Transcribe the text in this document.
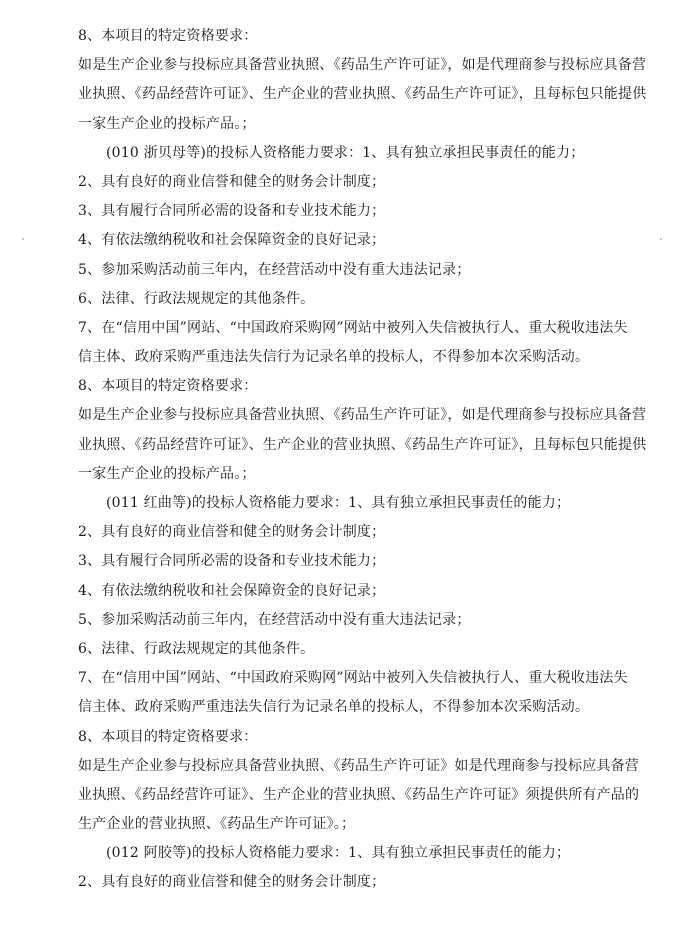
8、本项目的特定资格要求：
如是生产企业参与投标应具备营业执照、《药品生产许可证》，如是代理商参与投标应具备营
业执照、《药品经营许可证》、生产企业的营业执照、《药品生产许可证》，且每标包只能提供
一家生产企业的投标产品。；
(010 浙贝母等)的投标人资格能力要求：1、具有独立承担民事责任的能力；
2、具有良好的商业信誉和健全的财务会计制度；
3、具有履行合同所必需的设备和专业技术能力；
4、有依法缴纳税收和社会保障资金的良好记录；
5、参加采购活动前三年内，在经营活动中没有重大违法记录；
6、法律、行政法规规定的其他条件。
7、在“信用中国”网站、“中国政府采购网”网站中被列入失信被执行人、重大税收违法失
信主体、政府采购严重违法失信行为记录名单的投标人，不得参加本次采购活动。
8、本项目的特定资格要求：
如是生产企业参与投标应具备营业执照、《药品生产许可证》，如是代理商参与投标应具备营
业执照、《药品经营许可证》、生产企业的营业执照、《药品生产许可证》，且每标包只能提供
一家生产企业的投标产品。；
(011 红曲等)的投标人资格能力要求：1、具有独立承担民事责任的能力；
2、具有良好的商业信誉和健全的财务会计制度；
3、具有履行合同所必需的设备和专业技术能力；
4、有依法缴纳税收和社会保障资金的良好记录；
5、参加采购活动前三年内，在经营活动中没有重大违法记录；
6、法律、行政法规规定的其他条件。
7、在“信用中国”网站、“中国政府采购网”网站中被列入失信被执行人、重大税收违法失
信主体、政府采购严重违法失信行为记录名单的投标人，不得参加本次采购活动。
8、本项目的特定资格要求：
如是生产企业参与投标应具备营业执照、《药品生产许可证》如是代理商参与投标应具备营
业执照、《药品经营许可证》、生产企业的营业执照、《药品生产许可证》须提供所有产品的
生产企业的营业执照、《药品生产许可证》。；
(012 阿胶等)的投标人资格能力要求：1、具有独立承担民事责任的能力；
2、具有良好的商业信誉和健全的财务会计制度；
